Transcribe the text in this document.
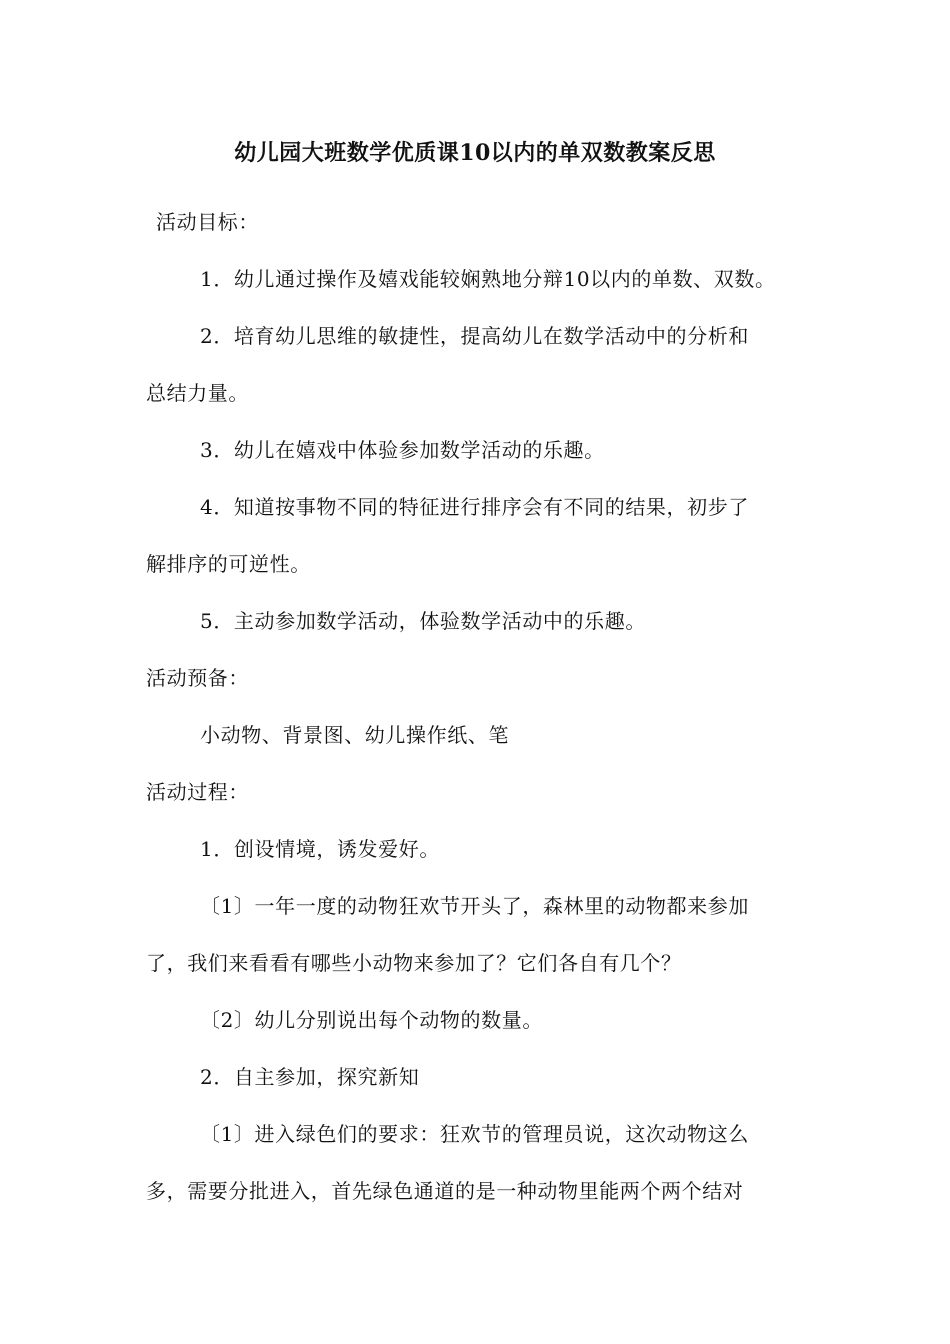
幼儿园大班数学优质课10以内的单双数教案反思
活动目标：
1．幼儿通过操作及嬉戏能较娴熟地分辩10以内的单数、双数。
2．培育幼儿思维的敏捷性，提高幼儿在数学活动中的分析和
总结力量。
3．幼儿在嬉戏中体验参加数学活动的乐趣。
4．知道按事物不同的特征进行排序会有不同的结果，初步了
解排序的可逆性。
5．主动参加数学活动，体验数学活动中的乐趣。
活动预备：
小动物、背景图、幼儿操作纸、笔
活动过程：
1．创设情境，诱发爱好。
〔1〕一年一度的动物狂欢节开头了，森林里的动物都来参加
了，我们来看看有哪些小动物来参加了？它们各自有几个？
〔2〕幼儿分别说出每个动物的数量。
2．自主参加，探究新知
〔1〕进入绿色们的要求：狂欢节的管理员说，这次动物这么
多，需要分批进入，首先绿色通道的是一种动物里能两个两个结对
